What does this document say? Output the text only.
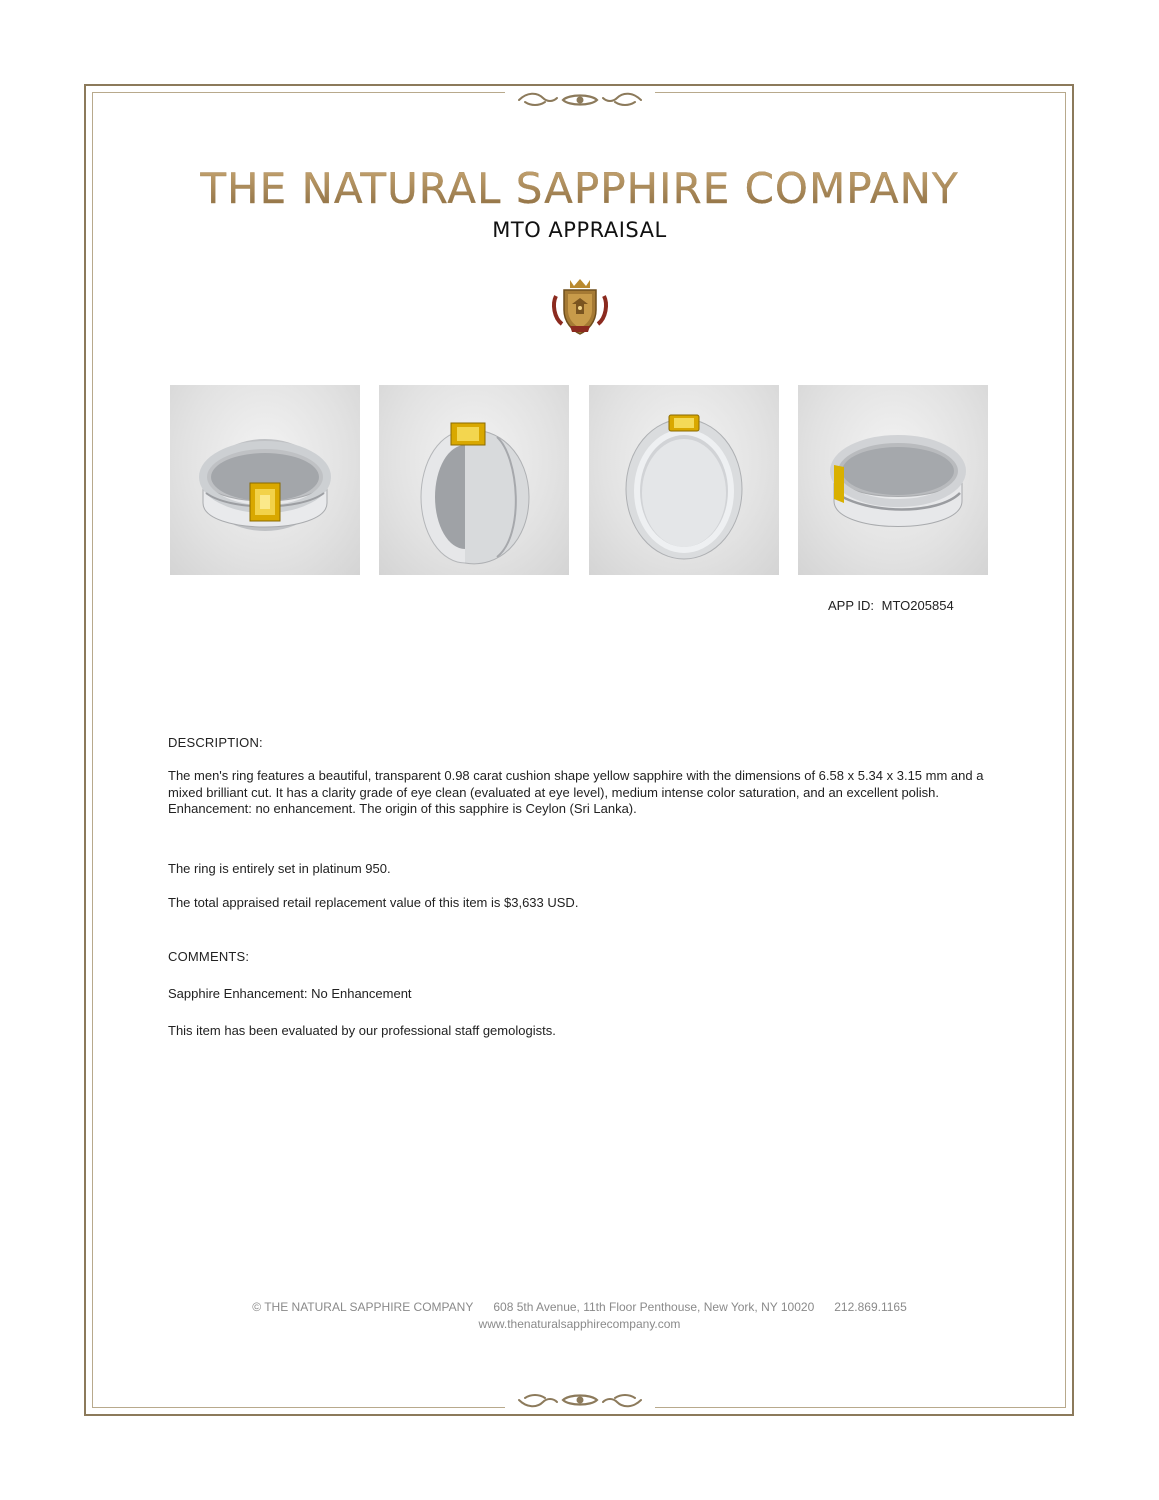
THE NATURAL SAPPHIRE COMPANY
MTO APPRAISAL
APP ID: MTO205854
DESCRIPTION:
The men's ring features a beautiful, transparent 0.98 carat cushion shape yellow sapphire with the dimensions of 6.58 x 5.34 x 3.15 mm and a mixed brilliant cut. It has a clarity grade of eye clean (evaluated at eye level), medium intense color saturation, and an excellent polish. Enhancement: no enhancement. The origin of this sapphire is Ceylon (Sri Lanka).
The ring is entirely set in platinum 950.
The total appraised retail replacement value of this item is $3,633 USD.
COMMENTS:
Sapphire Enhancement: No Enhancement
This item has been evaluated by our professional staff gemologists.
© THE NATURAL SAPPHIRE COMPANY 608 5th Avenue, 11th Floor Penthouse, New York, NY 10020 212.869.1165
www.thenaturalsapphirecompany.com
